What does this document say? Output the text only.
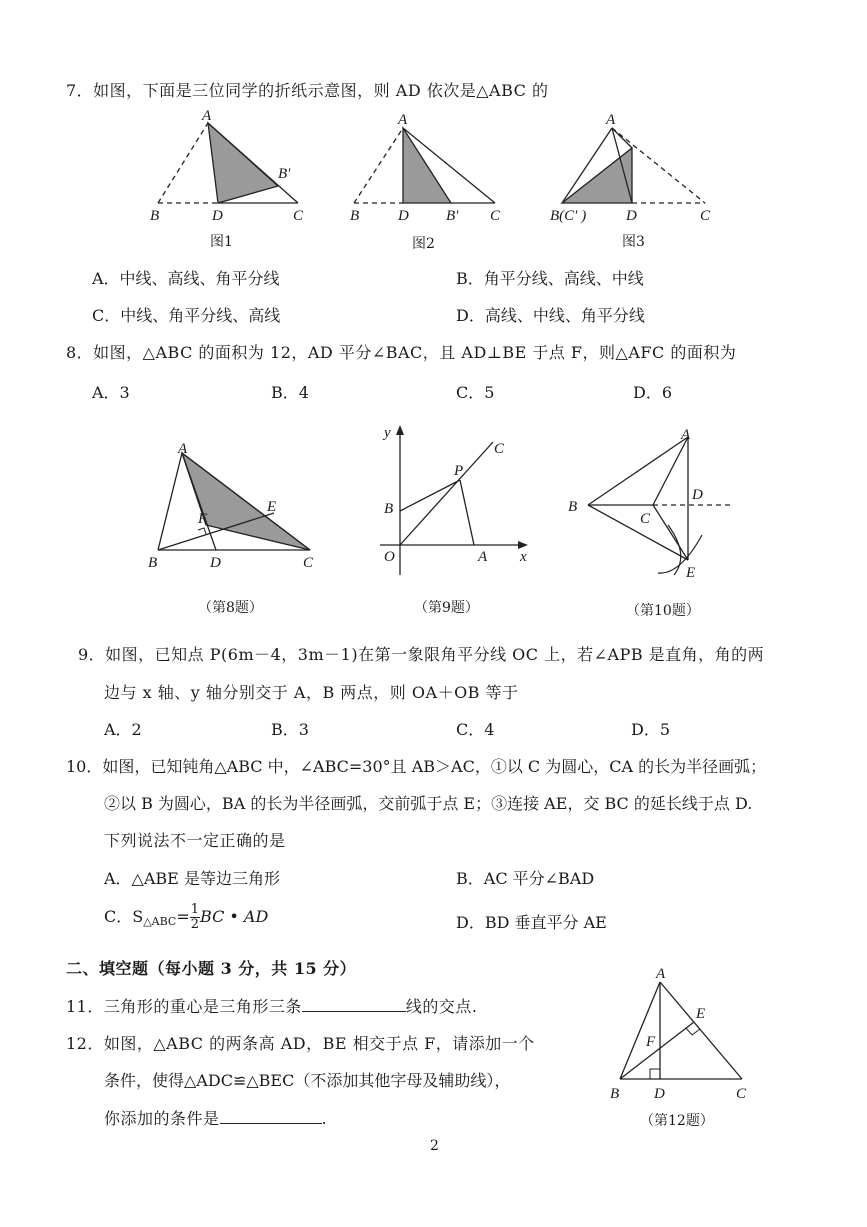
7．如图，下面是三位同学的折纸示意图，则 AD 依次是△ABC 的
A
B	D	C
B′
图1
A
B	D B′ C
图2
A
B(C′ )	D	C
图3
A．中线、高线、角平分线	B．角平分线、高线、中线
C．中线、角平分线、高线	D．高线、中线、角平分线
8．如图，△ABC 的面积为 12，AD 平分∠BAC，且 AD⊥BE 于点 F，则△AFC 的面积为
A．3	B．4	C．5	D．6
A
B	D	C
E
F
（第8题）
y
x
O	A
B
P
C
（第9题）
A
B
C
D
E
（第10题）
9．如图，已知点 P(6m－4，3m－1)在第一象限角平分线 OC 上，若∠APB 是直角，角的两
边与 x 轴、y 轴分别交于 A，B 两点，则 OA＋OB 等于
A．2	B．3	C．4	D．5
10．如图，已知钝角△ABC 中，∠ABC=30°且 AB＞AC，①以 C 为圆心，CA 的长为半径画弧；
②以 B 为圆心，BA 的长为半径画弧，交前弧于点 E；③连接 AE，交 BC 的延长线于点 D.
下列说法不一定正确的是
A．△ABE 是等边三角形	B．AC 平分∠BAD
C．S△ABC= $\frac{1}{2}$ BC • AD	D．BD 垂直平分 AE
二、填空题（每小题 3 分，共 15 分）
11．三角形的重心是三角形三条	线的交点.
12．如图，△ABC 的两条高 AD，BE 相交于点 F，请添加一个
条件，使得△ADC≌△BEC（不添加其他字母及辅助线），
你添加的条件是	.
A
B D	C
E
F
（第12题）
2
